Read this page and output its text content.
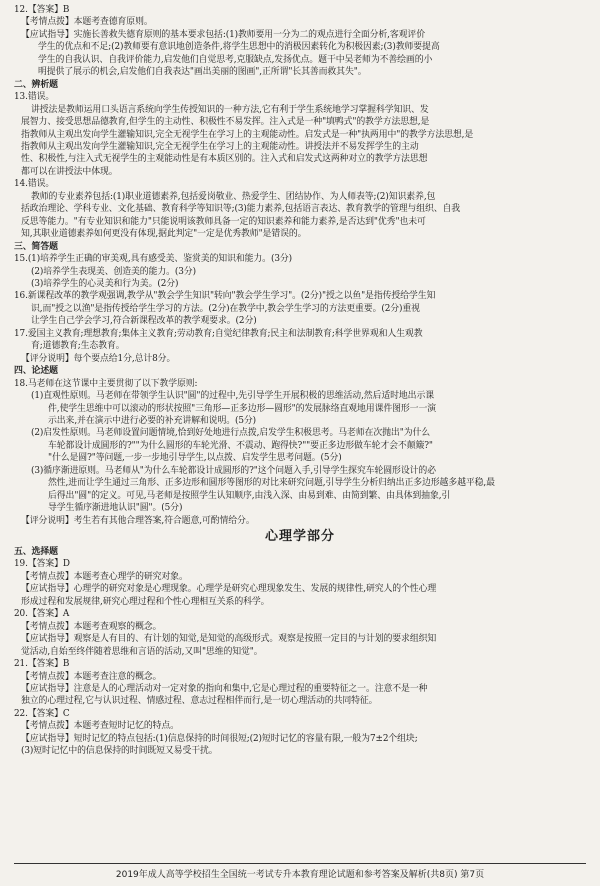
12.【答案】B
【考情点拨】本题考查德育原则。
【应试指导】实施长善救失德育原则的基本要求包括:(1)教师要用一分为二的观点进行全面分析,客观评价
学生的优点和不足;(2)教师要有意识地创造条件,将学生思想中的消极因素转化为积极因素;(3)教师要提高
学生的自我认识、自我评价能力,启发他们自觉思考,克服缺点,发扬优点。题干中吴老师为不善绘画的小
明提供了展示的机会,启发他们自我表达"画出美丽的图画",正所谓"长其善而救其失"。
二、辨析题
13.错误。
讲授法是教师运用口头语言系统向学生传授知识的一种方法,它有利于学生系统地学习掌握科学知识、发
展智力、接受思想品德教育,但学生的主动性、积极性不易发挥。注入式是一种"填鸭式"的教学方法思想,是
指教师从主观出发向学生灌输知识,完全无视学生在学习上的主观能动性。启发式是一种"执两用中"的教学方法思想,是
指教师从主观出发向学生灌输知识,完全无视学生在学习上的主观能动性。讲授法并不易发挥学生的主动
性、积极性,与注入式无视学生的主观能动性是有本质区别的。注入式和启发式这两种对立的教学方法思想
都可以在讲授法中体现。
14.错误。
教师的专业素养包括:(1)职业道德素养,包括爱岗敬业、热爱学生、团结协作、为人师表等;(2)知识素养,包
括政治理论、学科专业、文化基础、教育科学等知识等;(3)能力素养,包括语言表达、教育教学的管理与组织、自我
反思等能力。"有专业知识和能力"只能说明该教师具备一定的知识素养和能力素养,是否达到"优秀"也未可
知,其职业道德素养如何更没有体现,据此判定"一定是优秀教师"是错误的。
三、简答题
15.(1)培养学生正确的审美观,具有感受美、鉴赏美的知识和能力。(3分)
(2)培养学生表现美、创造美的能力。(3分)
(3)培养学生的心灵美和行为美。(2分)
16.新课程改革的教学观强调,教学从"教会学生知识"转向"教会学生学习"。(2分)"授之以鱼"是指传授给学生知
识,而"授之以渔"是指传授给学生学习的方法。(2分)在教学中,教会学生学习的方法更重要。(2分)重视
让学生自己学会学习,符合新课程改革的教学观要求。(2分)
17.爱国主义教育;理想教育;集体主义教育;劳动教育;自觉纪律教育;民主和法制教育;科学世界观和人生观教
育;道德教育;生态教育。
【评分说明】每个要点给1分,总计8分。
四、论述题
18.马老师在这节课中主要贯彻了以下教学原则:
(1)直观性原则。马老师在带领学生认识"圆"的过程中,先引导学生开展积极的思维活动,然后适时地出示课
件,使学生思维中可以滚动的形状按照"三角形—正多边形—圆形"的发展脉络直观地用课件图形一一演
示出来,并在演示中进行必要的补充讲解和说明。(5分)
(2)启发性原则。马老师设置问题情境,恰到好处地进行点拨,启发学生积极思考。马老师在次抛出"为什么
车轮都设计成圆形的?""为什么圆形的车轮光滑、不震动、跑得快?""要正多边形做车轮才会不颠簸?"
"什么是圆?"等问题,一步一步地引导学生,以点拨、启发学生思考问题。(5分)
(3)循序渐进原则。马老师从"为什么车轮都设计成圆形的?"这个问题入手,引导学生探究车轮圆形设计的必
然性,进而让学生通过三角形、正多边形和圆形等图形的对比来研究问题,引导学生分析归纳出正多边形越多越平稳,最
后得出"圆"的定义。可见,马老师是按照学生认知顺序,由浅入深、由易到难、由简到繁、由具体到抽象,引
导学生循序渐进地认识"圆"。(5分)
【评分说明】考生若有其他合理答案,符合题意,可酌情给分。
心理学部分
五、选择题
19.【答案】D
【考情点拨】本题考查心理学的研究对象。
【应试指导】心理学的研究对象是心理现象。心理学是研究心理现象发生、发展的规律性,研究人的个性心理
形成过程和发展规律,研究心理过程和个性心理相互关系的科学。
20.【答案】A
【考情点拨】本题考查观察的概念。
【应试指导】观察是人有目的、有计划的知觉,是知觉的高级形式。观察是按照一定目的与计划的要求组织知
觉活动,自始至终伴随着思维和言语的活动,又叫"思维的知觉"。
21.【答案】B
【考情点拨】本题考查注意的概念。
【应试指导】注意是人的心理活动对一定对象的指向和集中,它是心理过程的重要特征之一。注意不是一种
独立的心理过程,它与认识过程、情感过程、意志过程相伴而行,是一切心理活动的共同特征。
22.【答案】C
【考情点拨】本题考查短时记忆的特点。
【应试指导】短时记忆的特点包括:(1)信息保持的时间很短;(2)短时记忆的容量有限,一般为7±2个组块;
(3)短时记忆中的信息保持的时间既短又易受干扰。
2019年成人高等学校招生全国统一考试专升本教育理论试题和参考答案及解析(共8页) 第7页
